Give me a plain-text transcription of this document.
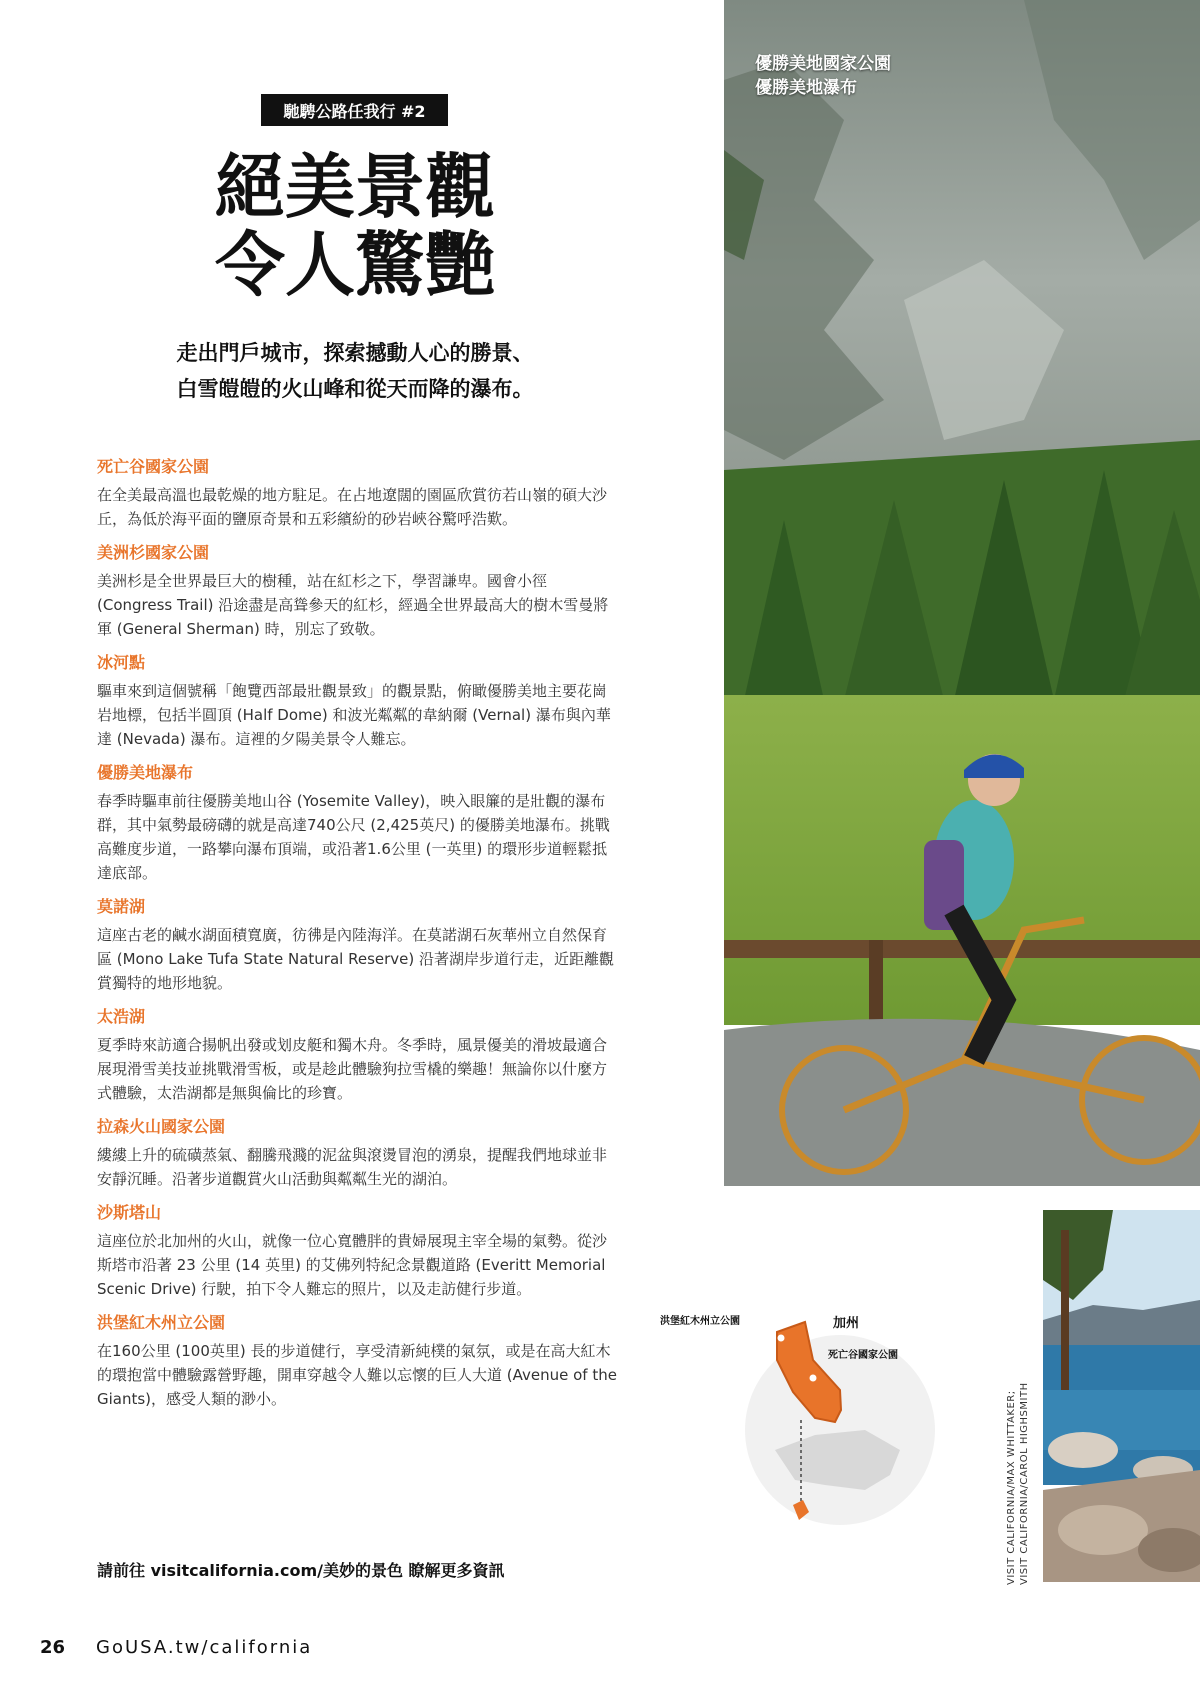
馳騁公路任我行 #2
絕美景觀
令人驚艷
走出門戶城市，探索撼動人心的勝景、
白雪皚皚的火山峰和從天而降的瀑布。
死亡谷國家公園

在全美最高溫也最乾燥的地方駐足。在占地遼闊的園區欣賞彷若山嶺的碩大沙丘，為低於海平面的鹽原奇景和五彩繽紛的砂岩峽谷驚呼浩歎。

美洲杉國家公園

美洲杉是全世界最巨大的樹種，站在紅杉之下，學習謙卑。國會小徑 (Congress Trail) 沿途盡是高聳參天的紅杉，經過全世界最高大的樹木雪曼將軍 (General Sherman) 時，別忘了致敬。

冰河點

驅車來到這個號稱「飽覽西部最壯觀景致」的觀景點，俯瞰優勝美地主要花崗岩地標，包括半圓頂 (Half Dome) 和波光粼粼的韋納爾 (Vernal) 瀑布與內華達 (Nevada) 瀑布。這裡的夕陽美景令人難忘。

優勝美地瀑布

春季時驅車前往優勝美地山谷 (Yosemite Valley)，映入眼簾的是壯觀的瀑布群，其中氣勢最磅礴的就是高達740公尺 (2,425英尺) 的優勝美地瀑布。挑戰高難度步道，一路攀向瀑布頂端，或沿著1.6公里 (一英里) 的環形步道輕鬆抵達底部。

莫諾湖

這座古老的鹹水湖面積寬廣，彷彿是內陸海洋。在莫諾湖石灰華州立自然保育區 (Mono Lake Tufa State Natural Reserve) 沿著湖岸步道行走，近距離觀賞獨特的地形地貌。

太浩湖

夏季時來訪適合揚帆出發或划皮艇和獨木舟。冬季時，風景優美的滑坡最適合展現滑雪美技並挑戰滑雪板，或是趁此體驗狗拉雪橇的樂趣！無論你以什麼方式體驗，太浩湖都是無與倫比的珍寶。

拉森火山國家公園

縷縷上升的硫磺蒸氣、翻騰飛濺的泥盆與滾燙冒泡的湧泉，提醒我們地球並非安靜沉睡。沿著步道觀賞火山活動與粼粼生光的湖泊。

沙斯塔山

這座位於北加州的火山，就像一位心寬體胖的貴婦展現主宰全場的氣勢。從沙斯塔市沿著 23 公里 (14 英里) 的艾佛列特紀念景觀道路 (Everitt Memorial Scenic Drive) 行駛，拍下令人難忘的照片，以及走訪健行步道。

洪堡紅木州立公園

在160公里 (100英里) 長的步道健行，享受清新純樸的氣氛，或是在高大紅木的環抱當中體驗露營野趣，開車穿越令人難以忘懷的巨人大道 (Avenue of the Giants)，感受人類的渺小。

請前往 visitcalifornia.com/美妙的景色 瞭解更多資訊
26 GoUSA.tw/california
優勝美地國家公園
優勝美地瀑布
洪堡紅木州立公園	加州
死亡谷國家公園
VISIT CALIFORNIA/MAX WHITTAKER; VISIT CALIFORNIA/CAROL HIGHSMITH
